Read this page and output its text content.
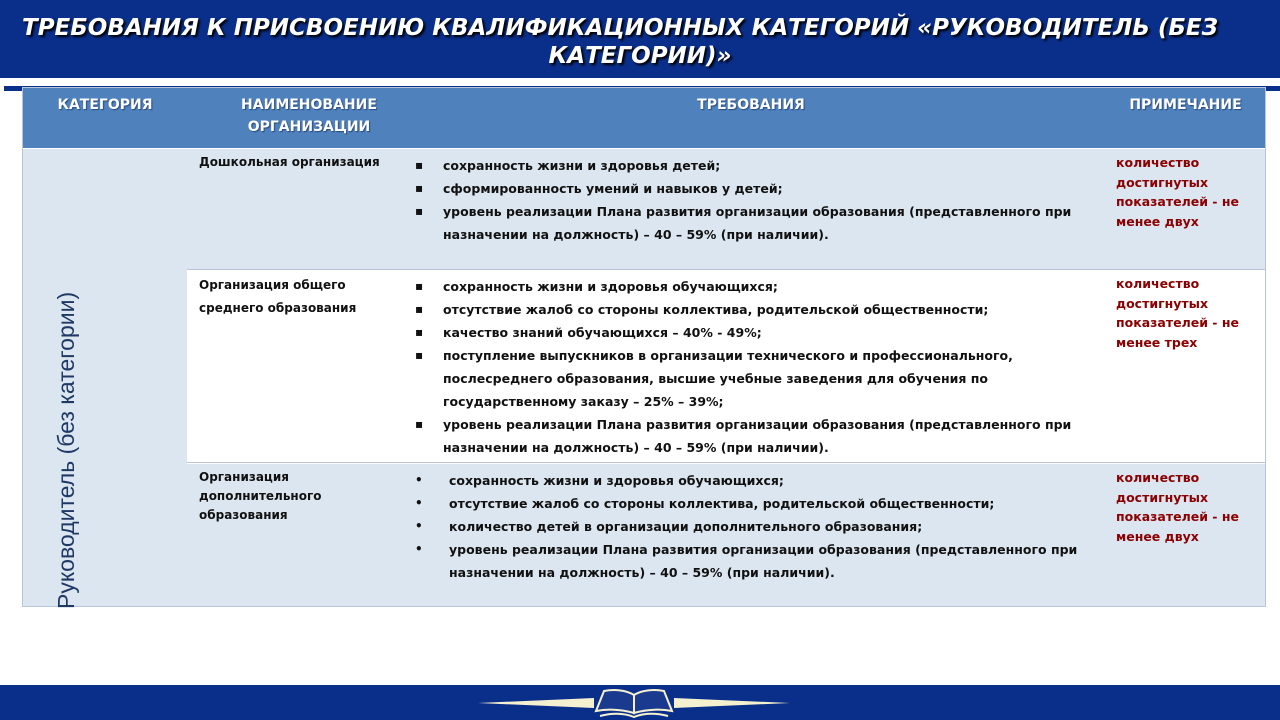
ТРЕБОВАНИЯ К ПРИСВОЕНИЮ КВАЛИФИКАЦИОННЫХ КАТЕГОРИЙ «РУКОВОДИТЕЛЬ (БЕЗ
КАТЕГОРИИ)»
КАТЕГОРИЯ	НАИМЕНОВАНИЕ
ОРГАНИЗАЦИИ
ТРЕБОВАНИЯ	ПРИМЕЧАНИЕ
Руководитель (без категории)
Дошкольная организация
▪	сохранность жизни и здоровья детей;
▪ сформированность умений и навыков у детей;
▪ уровень реализации Плана развития организации образования (представленного при назначении на должность) – 40 – 59% (при наличии).
количество достигнутых показателей - не менее двух
Организация общего среднего образования
▪ сохранность жизни и здоровья обучающихся;
▪ отсутствие жалоб со стороны коллектива, родительской общественности;
▪ качество знаний обучающихся – 40% - 49%;
▪ поступление выпускников в организации технического и профессионального, послесреднего образования, высшие учебные заведения для обучения по государственному заказу – 25% – 39%;
▪ уровень реализации Плана развития организации образования (представленного при назначении на должность) – 40 – 59% (при наличии).
количество достигнутых показателей - не менее трех
Организация дополнительного образования
• сохранность жизни и здоровья обучающихся;
• отсутствие жалоб со стороны коллектива, родительской общественности;
• количество детей в организации дополнительного образования;
• уровень реализации Плана развития организации образования (представленного при назначении на должность) – 40 – 59% (при наличии).
количество достигнутых показателей - не менее двух
